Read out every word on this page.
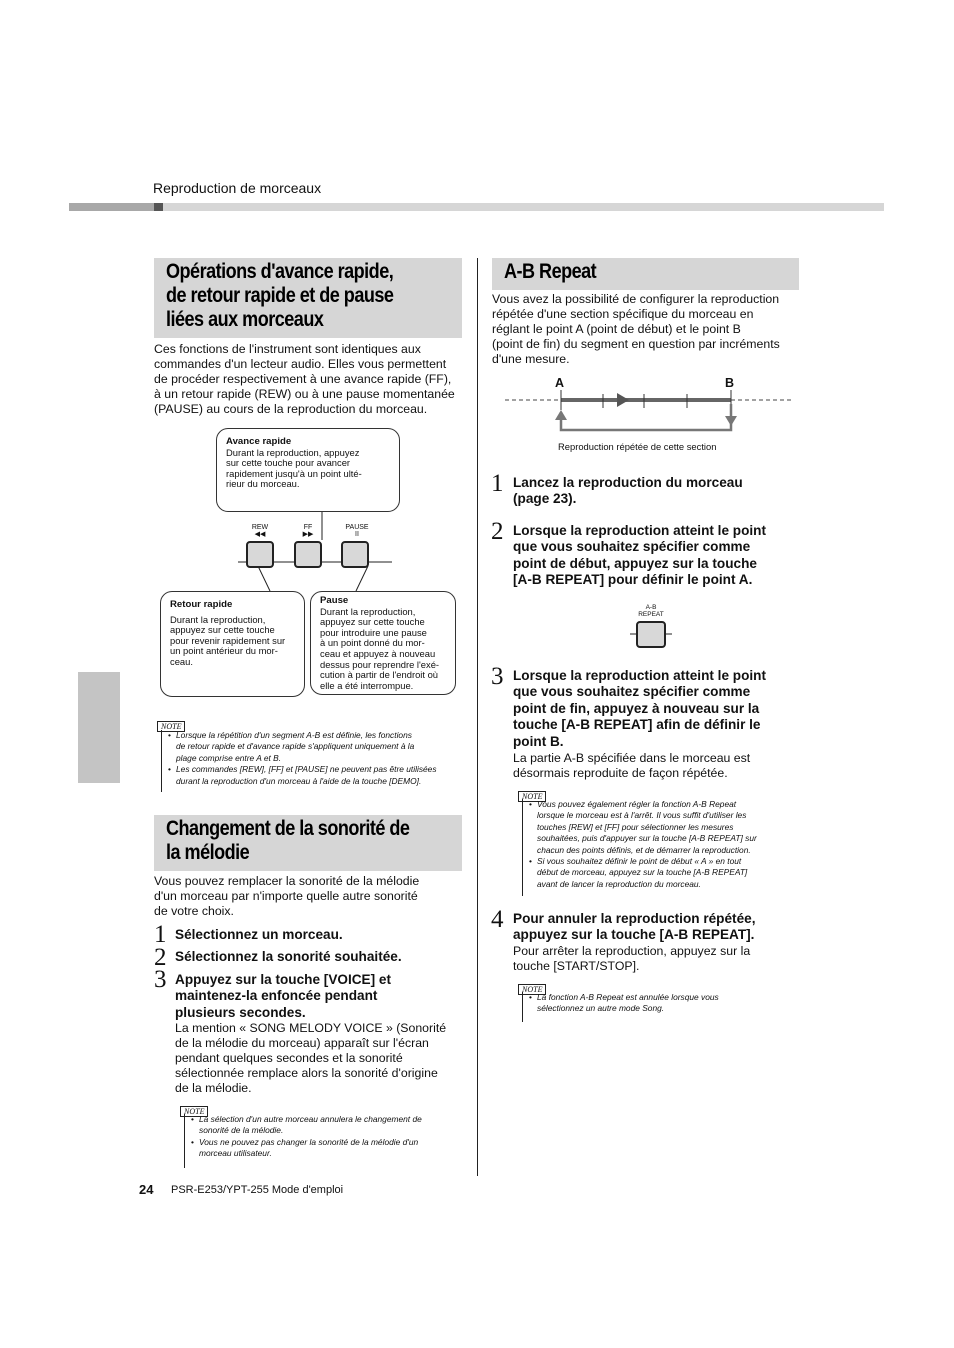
Reproduction de morceaux
Opérations d'avance rapide,
de retour rapide et de pause
liées aux morceaux
Ces fonctions de l'instrument sont identiques aux
commandes d'un lecteur audio. Elles vous permettent
de procéder respectivement à une avance rapide (FF),
à un retour rapide (REW) ou à une pause momentanée
(PAUSE) au cours de la reproduction du morceau.
Avance rapide
Durant la reproduction, appuyez
sur cette touche pour avancer
rapidement jusqu'à un point ulté-
rieur du morceau.
REW
◀◀
FF
▶▶
PAUSE
II
Retour rapide
Durant la reproduction,
appuyez sur cette touche
pour revenir rapidement sur
un point antérieur du mor-
ceau.
Pause
Durant la reproduction,
appuyez sur cette touche
pour introduire une pause
à un point donné du mor-
ceau et appuyez à nouveau
dessus pour reprendre l'exé-
cution à partir de l'endroit où
elle a été interrompue.
NOTE
• Lorsque la répétition d'un segment A-B est définie, les fonctions
de retour rapide et d'avance rapide s'appliquent uniquement à la
plage comprise entre A et B.
• Les commandes [REW], [FF] et [PAUSE] ne peuvent pas être utilisées
durant la reproduction d'un morceau à l'aide de la touche [DEMO].
Changement de la sonorité de
la mélodie
Vous pouvez remplacer la sonorité de la mélodie
d'un morceau par n'importe quelle autre sonorité
de votre choix.
1 Sélectionnez un morceau.
2 Sélectionnez la sonorité souhaitée.
3 Appuyez sur la touche [VOICE] et
maintenez-la enfoncée pendant
plusieurs secondes.
La mention « SONG MELODY VOICE » (Sonorité
de la mélodie du morceau) apparaît sur l'écran
pendant quelques secondes et la sonorité
sélectionnée remplace alors la sonorité d'origine
de la mélodie.
NOTE
• La sélection d'un autre morceau annulera le changement de
sonorité de la mélodie.
• Vous ne pouvez pas changer la sonorité de la mélodie d'un
morceau utilisateur.
A-B Repeat
Vous avez la possibilité de configurer la reproduction
répétée d'une section spécifique du morceau en
réglant le point A (point de début) et le point B
(point de fin) du segment en question par incréments
d'une mesure.
A	B
Reproduction répétée de cette section
1 Lancez la reproduction du morceau
(page 23).
2 Lorsque la reproduction atteint le point
que vous souhaitez spécifier comme
point de début, appuyez sur la touche
[A-B REPEAT] pour définir le point A.
A-B
REPEAT
3 Lorsque la reproduction atteint le point
que vous souhaitez spécifier comme
point de fin, appuyez à nouveau sur la
touche [A-B REPEAT] afin de définir le
point B.
La partie A-B spécifiée dans le morceau est
désormais reproduite de façon répétée.
NOTE
• Vous pouvez également régler la fonction A-B Repeat
lorsque le morceau est à l'arrêt. Il vous suffit d'utiliser les
touches [REW] et [FF] pour sélectionner les mesures
souhaitées, puis d'appuyer sur la touche [A-B REPEAT] sur
chacun des points définis, et de démarrer la reproduction.
• Si vous souhaitez définir le point de début « A » en tout
début de morceau, appuyez sur la touche [A-B REPEAT]
avant de lancer la reproduction du morceau.
4 Pour annuler la reproduction répétée,
appuyez sur la touche [A-B REPEAT].
Pour arrêter la reproduction, appuyez sur la
touche [START/STOP].
NOTE
• La fonction A-B Repeat est annulée lorsque vous
sélectionnez un autre mode Song.
24 PSR-E253/YPT-255 Mode d'emploi
